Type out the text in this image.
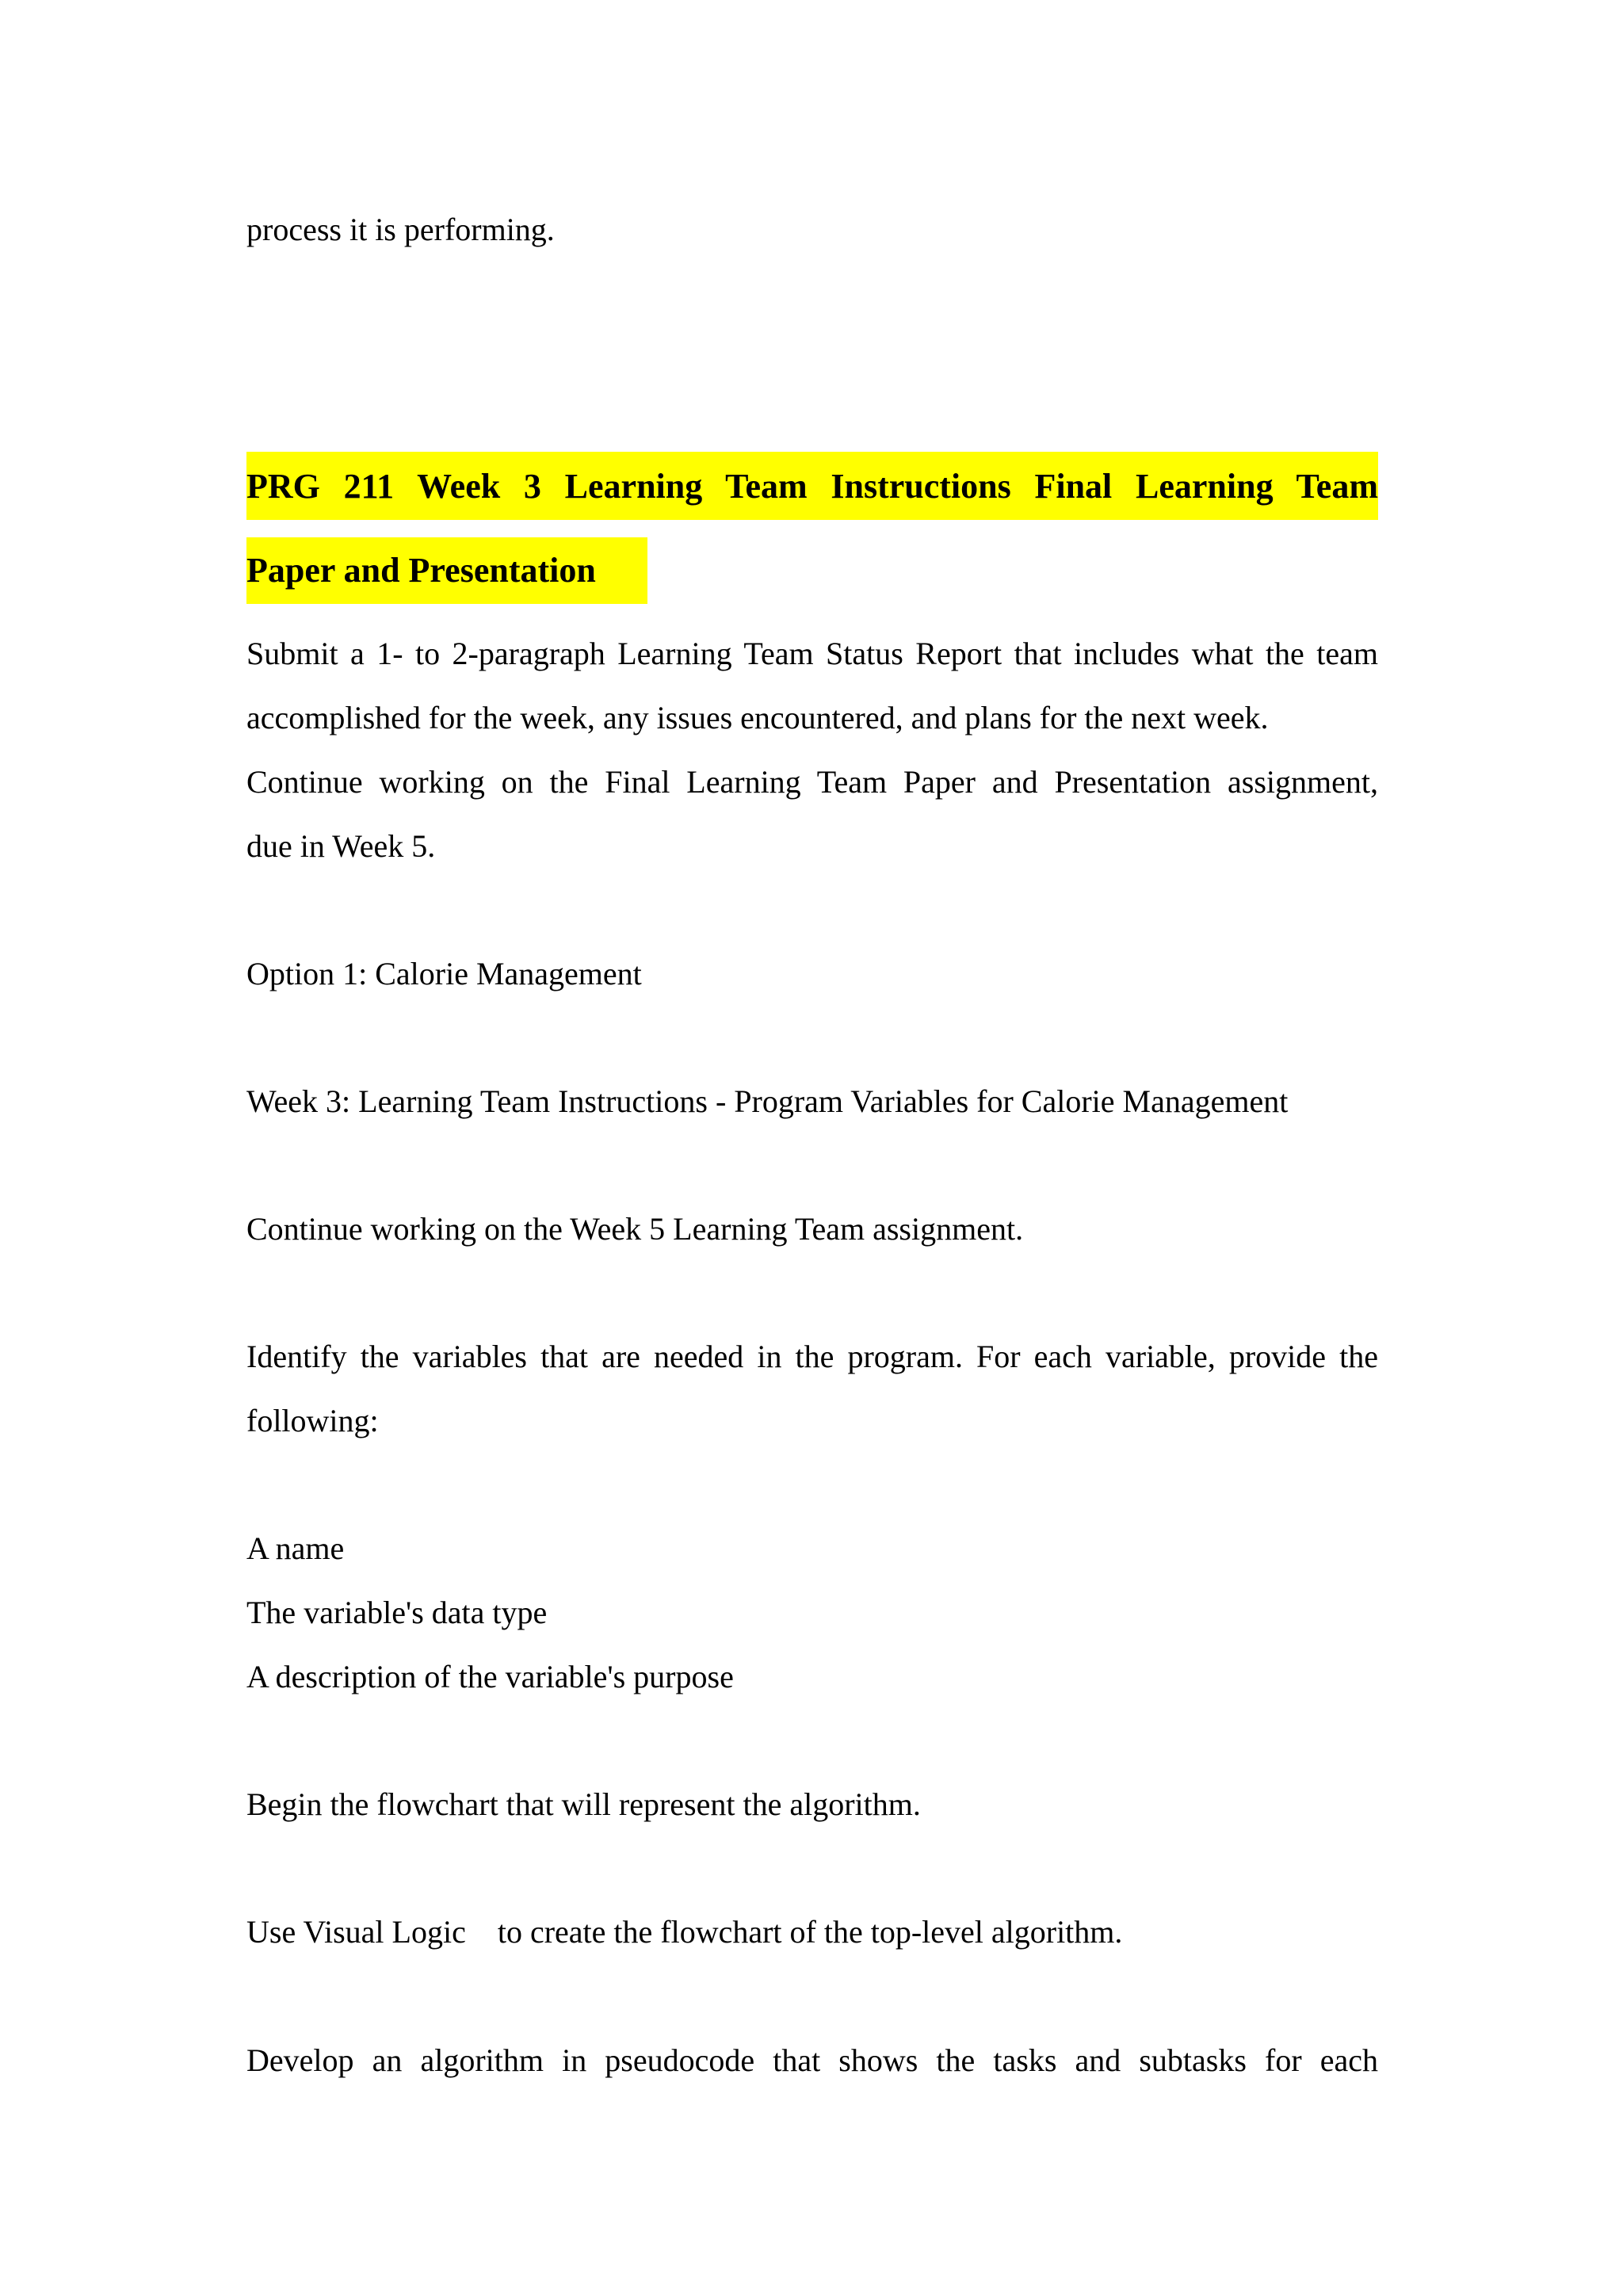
process it is performing.
PRG 211 Week 3 Learning Team Instructions Final Learning Team
Paper and Presentation
Submit a 1- to 2-paragraph Learning Team Status Report that includes what the team
accomplished for the week, any issues encountered, and plans for the next week.
Continue working on the Final Learning Team Paper and Presentation assignment,
due in Week 5.
Option 1: Calorie Management
Week 3: Learning Team Instructions - Program Variables for Calorie Management
Continue working on the Week 5 Learning Team assignment.
Identify the variables that are needed in the program. For each variable, provide the
following:
A name
The variable's data type
A description of the variable's purpose
Begin the flowchart that will represent the algorithm.
Use Visual Logic to create the flowchart of the top-level algorithm.
Develop an algorithm in pseudocode that shows the tasks and subtasks for each
